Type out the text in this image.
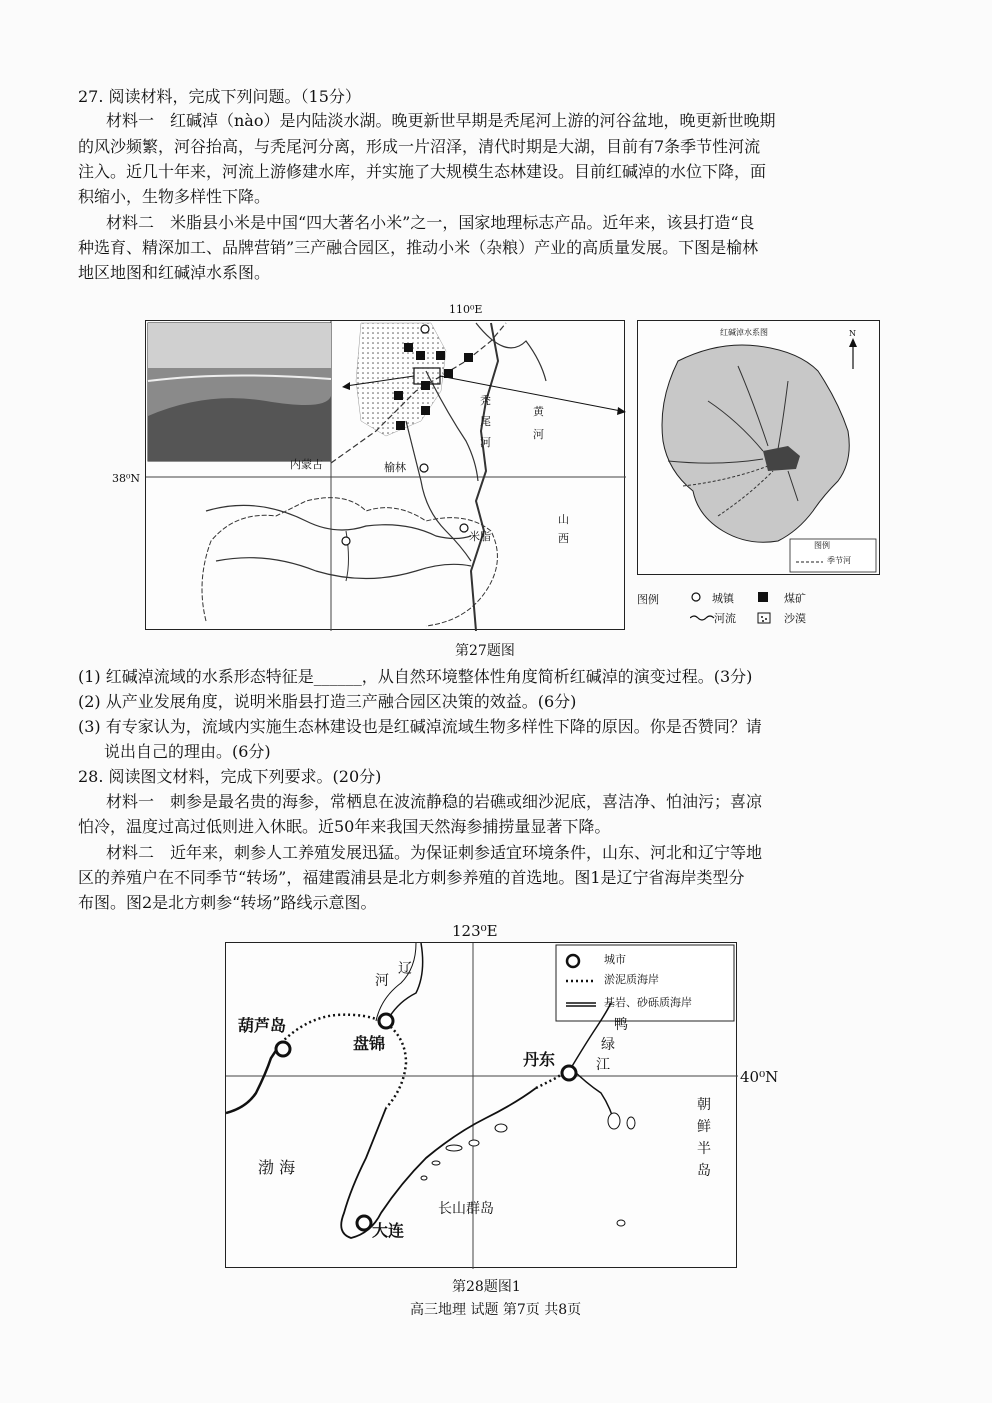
27. 阅读材料，完成下列问题。（15分）
材料一　红碱淖（nào）是内陆淡水湖。晚更新世早期是秃尾河上游的河谷盆地，晚更新世晚期
的风沙频繁，河谷抬高，与秃尾河分离，形成一片沼泽，清代时期是大湖，目前有7条季节性河流
注入。近几十年来，河流上游修建水库，并实施了大规模生态林建设。目前红碱淖的水位下降，面
积缩小，生物多样性下降。
材料二　米脂县小米是中国“四大著名小米”之一，国家地理标志产品。近年来，该县打造“良
种选育、精深加工、品牌营销”三产融合园区，推动小米（杂粮）产业的高质量发展。下图是榆林
地区地图和红碱淖水系图。
110⁰E
38⁰N
内蒙古	榆林
米脂
山
西
秃
尾
河
黄
河
红碱淖水系图	N
图例
季节河
图例	城镇	煤矿
河流	沙漠
第27题图
(1) 红碱淖流域的水系形态特征是______，从自然环境整体性角度简析红碱淖的演变过程。(3分)
(2) 从产业发展角度，说明米脂县打造三产融合园区决策的效益。(6分)
(3) 有专家认为，流域内实施生态林建设也是红碱淖流域生物多样性下降的原因。你是否赞同？请
说出自己的理由。(6分)
28. 阅读图文材料，完成下列要求。(20分)
材料一　刺参是最名贵的海参，常栖息在波流静稳的岩礁或细沙泥底，喜洁净、怕油污；喜凉
怕冷，温度过高过低则进入休眠。近50年来我国天然海参捕捞量显著下降。
材料二　近年来，刺参人工养殖发展迅猛。为保证刺参适宜环境条件，山东、河北和辽宁等地
区的养殖户在不同季节“转场”，福建霞浦县是北方刺参养殖的首选地。图1是辽宁省海岸类型分
布图。图2是北方刺参“转场”路线示意图。
123⁰E
40⁰N
城市
淤泥质海岸
基岩、砂砾质海岸
河
辽
葫芦岛
盘锦
丹东
鸭
绿
江
朝
鲜
半
岛
渤 海
长山群岛
大连
第28题图1
高三地理 试题 第7页 共8页
